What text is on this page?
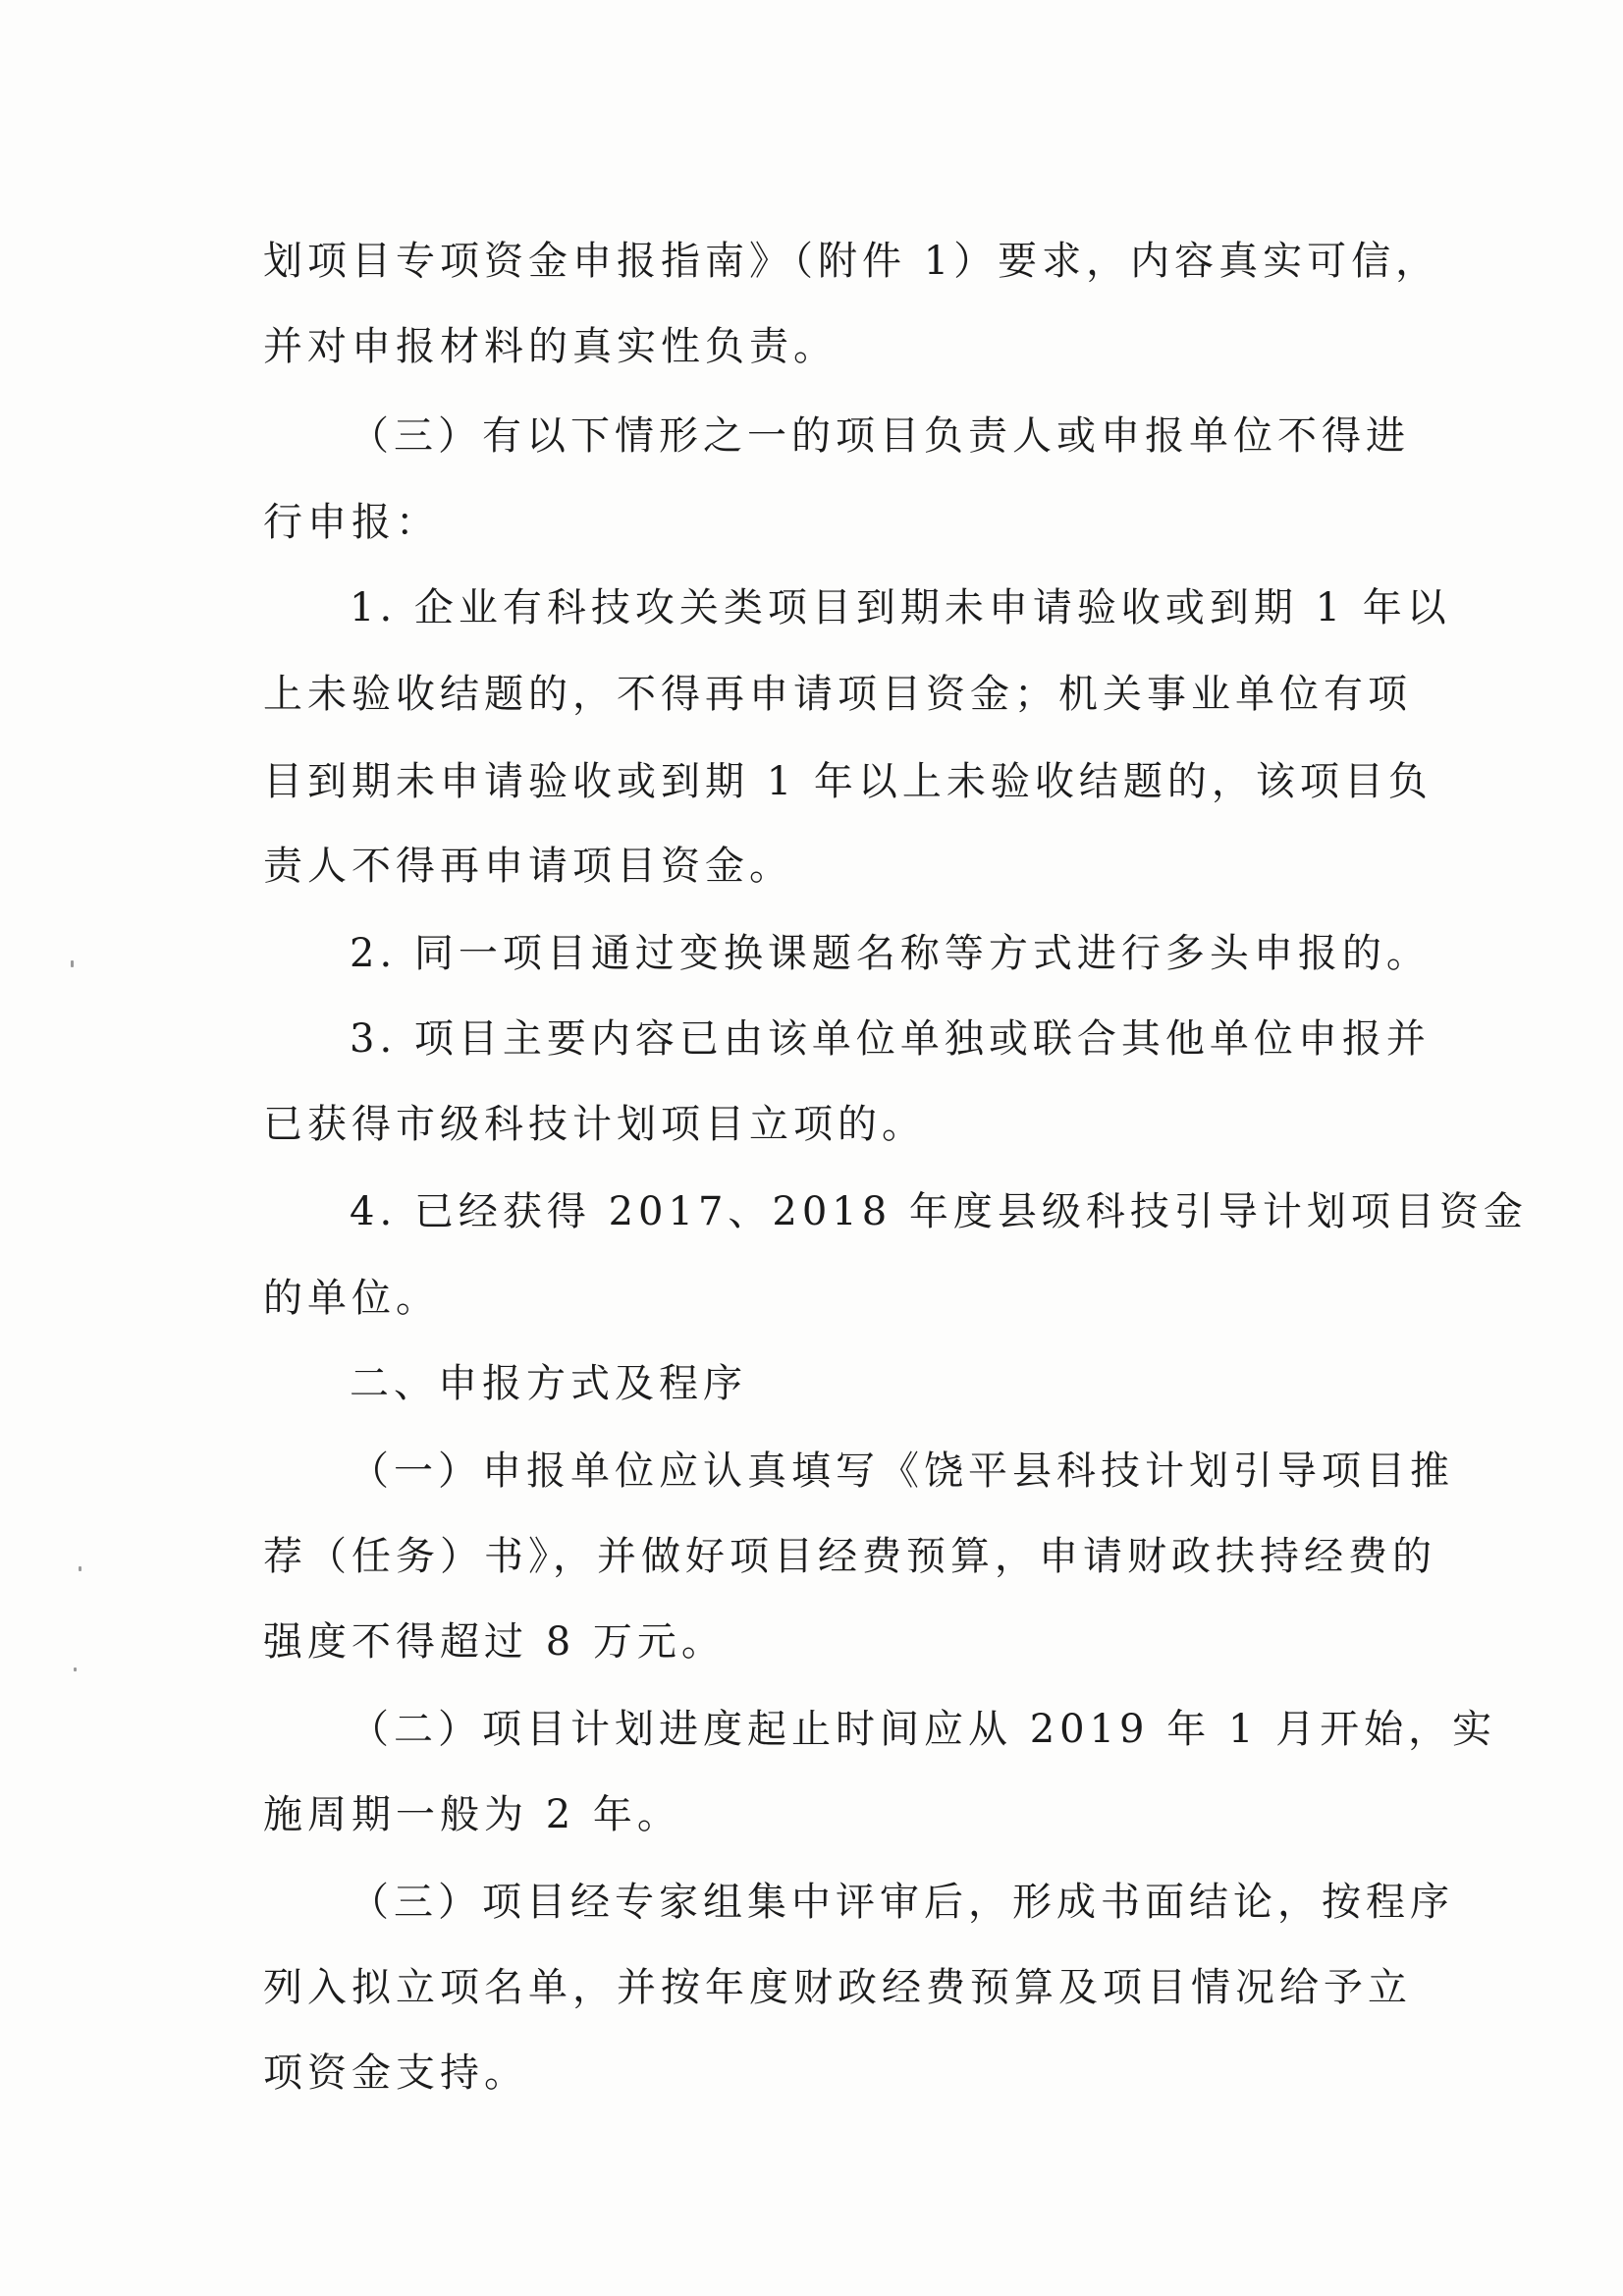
划项目专项资金申报指南》（附件 1）要求，内容真实可信，
并对申报材料的真实性负责。
（三）有以下情形之一的项目负责人或申报单位不得进
行申报：
1. 企业有科技攻关类项目到期未申请验收或到期 1 年以
上未验收结题的，不得再申请项目资金；机关事业单位有项
目到期未申请验收或到期 1 年以上未验收结题的，该项目负
责人不得再申请项目资金。
2. 同一项目通过变换课题名称等方式进行多头申报的。
3. 项目主要内容已由该单位单独或联合其他单位申报并
已获得市级科技计划项目立项的。
4. 已经获得 2017、2018 年度县级科技引导计划项目资金
的单位。
二、申报方式及程序
（一）申报单位应认真填写《饶平县科技计划引导项目推
荐（任务）书》，并做好项目经费预算，申请财政扶持经费的
强度不得超过 8 万元。
（二）项目计划进度起止时间应从 2019 年 1 月开始，实
施周期一般为 2 年。
（三）项目经专家组集中评审后，形成书面结论，按程序
列入拟立项名单，并按年度财政经费预算及项目情况给予立
项资金支持。
